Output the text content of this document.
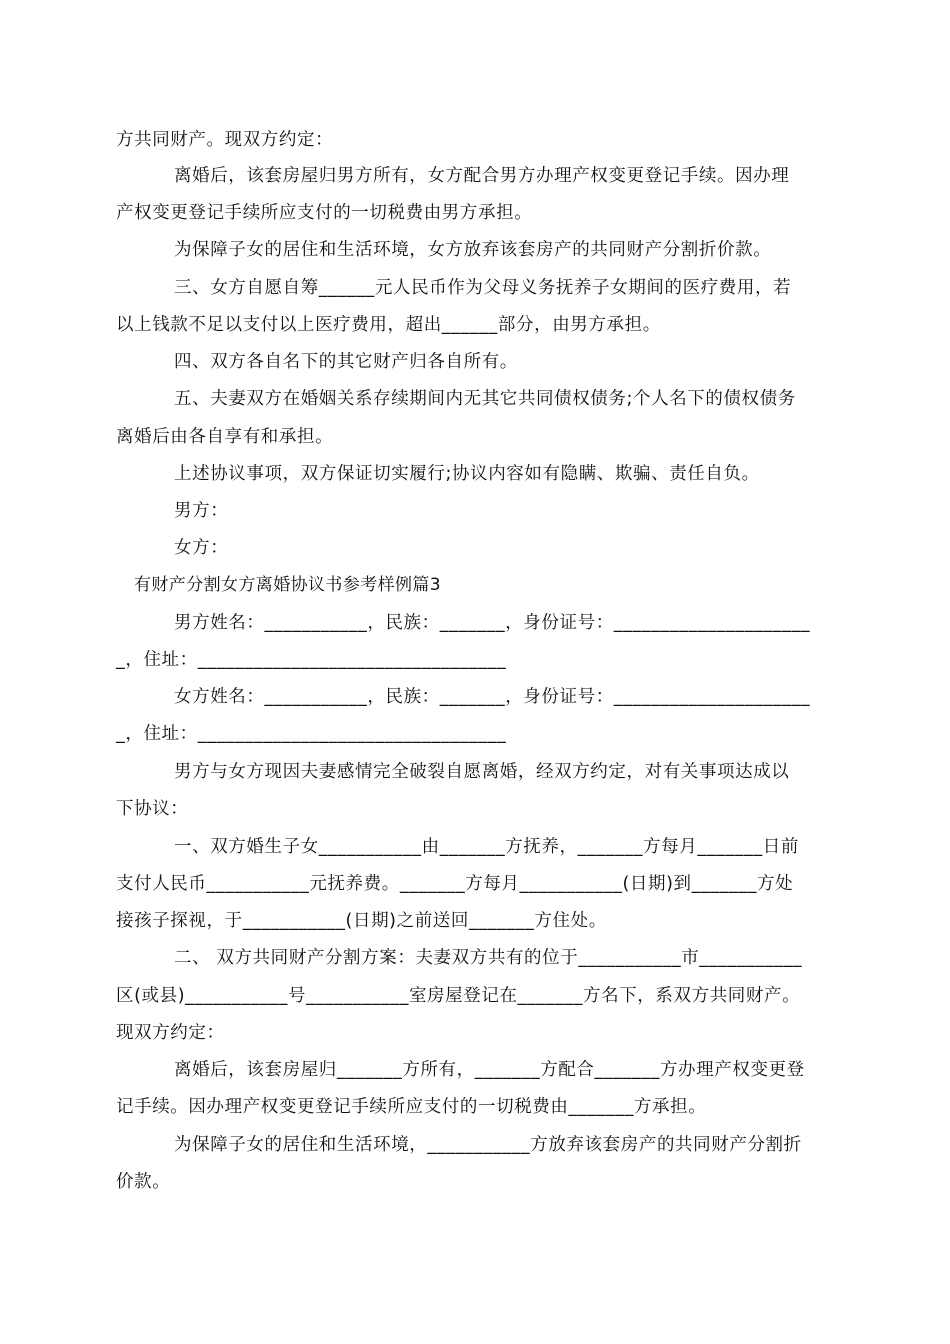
方共同财产。现双方约定：
离婚后，该套房屋归男方所有，女方配合男方办理产权变更登记手续。因办理
产权变更登记手续所应支付的一切税费由男方承担。
为保障子女的居住和生活环境，女方放弃该套房产的共同财产分割折价款。
三、女方自愿自筹______元人民币作为父母义务抚养子女期间的医疗费用，若
以上钱款不足以支付以上医疗费用，超出______部分，由男方承担。
四、双方各自名下的其它财产归各自所有。
五、夫妻双方在婚姻关系存续期间内无其它共同债权债务;个人名下的债权债务
离婚后由各自享有和承担。
上述协议事项，双方保证切实履行;协议内容如有隐瞒、欺骗、责任自负。
男方：
女方：
有财产分割女方离婚协议书参考样例篇3
男方姓名：___________，民族：_______，身份证号：_____________________
_，住址：_________________________________
女方姓名：___________，民族：_______，身份证号：_____________________
_，住址：_________________________________
男方与女方现因夫妻感情完全破裂自愿离婚，经双方约定，对有关事项达成以
下协议：
一、双方婚生子女___________由_______方抚养，_______方每月_______日前
支付人民币___________元抚养费。_______方每月___________(日期)到_______方处
接孩子探视，于___________(日期)之前送回_______方住处。
二、 双方共同财产分割方案：夫妻双方共有的位于___________市___________
区(或县)___________号___________室房屋登记在_______方名下，系双方共同财产。
现双方约定：
离婚后，该套房屋归_______方所有，_______方配合_______方办理产权变更登
记手续。因办理产权变更登记手续所应支付的一切税费由_______方承担。
为保障子女的居住和生活环境，___________方放弃该套房产的共同财产分割折
价款。
